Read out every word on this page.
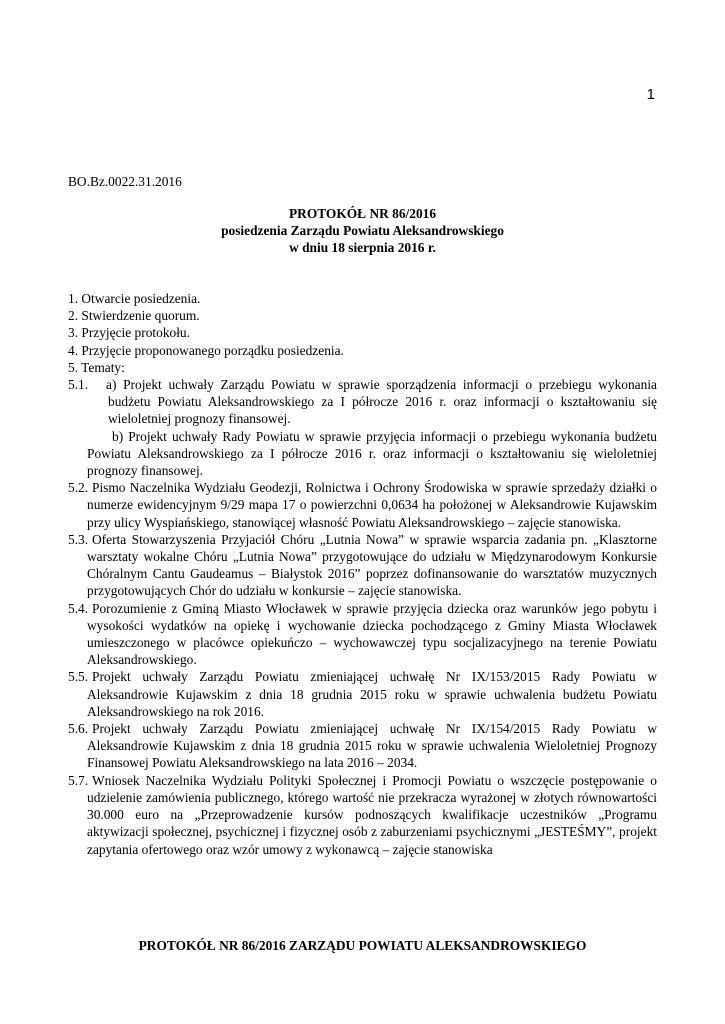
1
BO.Bz.0022.31.2016
PROTOKÓŁ NR 86/2016
posiedzenia Zarządu Powiatu Aleksandrowskiego
w dniu 18 sierpnia 2016 r.

1. Otwarcie posiedzenia.

2. Stwierdzenie quorum.

3. Przyjęcie protokołu.

4. Przyjęcie proponowanego porządku posiedzenia.

5. Tematy:

5.1. a) Projekt uchwały Zarządu Powiatu w sprawie sporządzenia informacji o przebiegu wykonania budżetu Powiatu Aleksandrowskiego za I półrocze 2016 r. oraz informacji o kształtowaniu się wieloletniej prognozy finansowej.
b) Projekt uchwały Rady Powiatu w sprawie przyjęcia informacji o przebiegu wykonania budżetu Powiatu Aleksandrowskiego za I półrocze 2016 r. oraz informacji o kształtowaniu się wieloletniej prognozy finansowej.
5.2. Pismo Naczelnika Wydziału Geodezji, Rolnictwa i Ochrony Środowiska w sprawie sprzedaży działki o numerze ewidencyjnym 9/29 mapa 17 o powierzchni 0,0634 ha położonej w Aleksandrowie Kujawskim przy ulicy Wyspiańskiego, stanowiącej własność Powiatu Aleksandrowskiego – zajęcie stanowiska.
5.3. Oferta Stowarzyszenia Przyjaciół Chóru „Lutnia Nowa” w sprawie wsparcia zadania pn. „Klasztorne warsztaty wokalne Chóru „Lutnia Nowa” przygotowujące do udziału w Międzynarodowym Konkursie Chóralnym Cantu Gaudeamus – Białystok 2016” poprzez dofinansowanie do warsztatów muzycznych przygotowujących Chór do udziału w konkursie – zajęcie stanowiska.
5.4. Porozumienie z Gminą Miasto Włocławek w sprawie przyjęcia dziecka oraz warunków jego pobytu i wysokości wydatków na opiekę i wychowanie dziecka pochodzącego z Gminy Miasta Włocławek umieszczonego w placówce opiekuńczo – wychowawczej typu socjalizacyjnego na terenie Powiatu Aleksandrowskiego.
5.5. Projekt uchwały Zarządu Powiatu zmieniającej uchwałę Nr IX/153/2015 Rady Powiatu w Aleksandrowie Kujawskim z dnia 18 grudnia 2015 roku w sprawie uchwalenia budżetu Powiatu Aleksandrowskiego na rok 2016.
5.6. Projekt uchwały Zarządu Powiatu zmieniającej uchwałę Nr IX/154/2015 Rady Powiatu w Aleksandrowie Kujawskim z dnia 18 grudnia 2015 roku w sprawie uchwalenia Wieloletniej Prognozy Finansowej Powiatu Aleksandrowskiego na lata 2016 – 2034.
5.7. Wniosek Naczelnika Wydziału Polityki Społecznej i Promocji Powiatu o wszczęcie postępowanie o udzielenie zamówienia publicznego, którego wartość nie przekracza wyrażonej w złotych równowartości 30.000 euro na „Przeprowadzenie kursów podnoszących kwalifikacje uczestników „Programu aktywizacji społecznej, psychicznej i fizycznej osób z zaburzeniami psychicznymi „JESTEŚMY”, projekt zapytania ofertowego oraz wzór umowy z wykonawcą – zajęcie stanowiska
PROTOKÓŁ NR 86/2016 ZARZĄDU POWIATU ALEKSANDROWSKIEGO
